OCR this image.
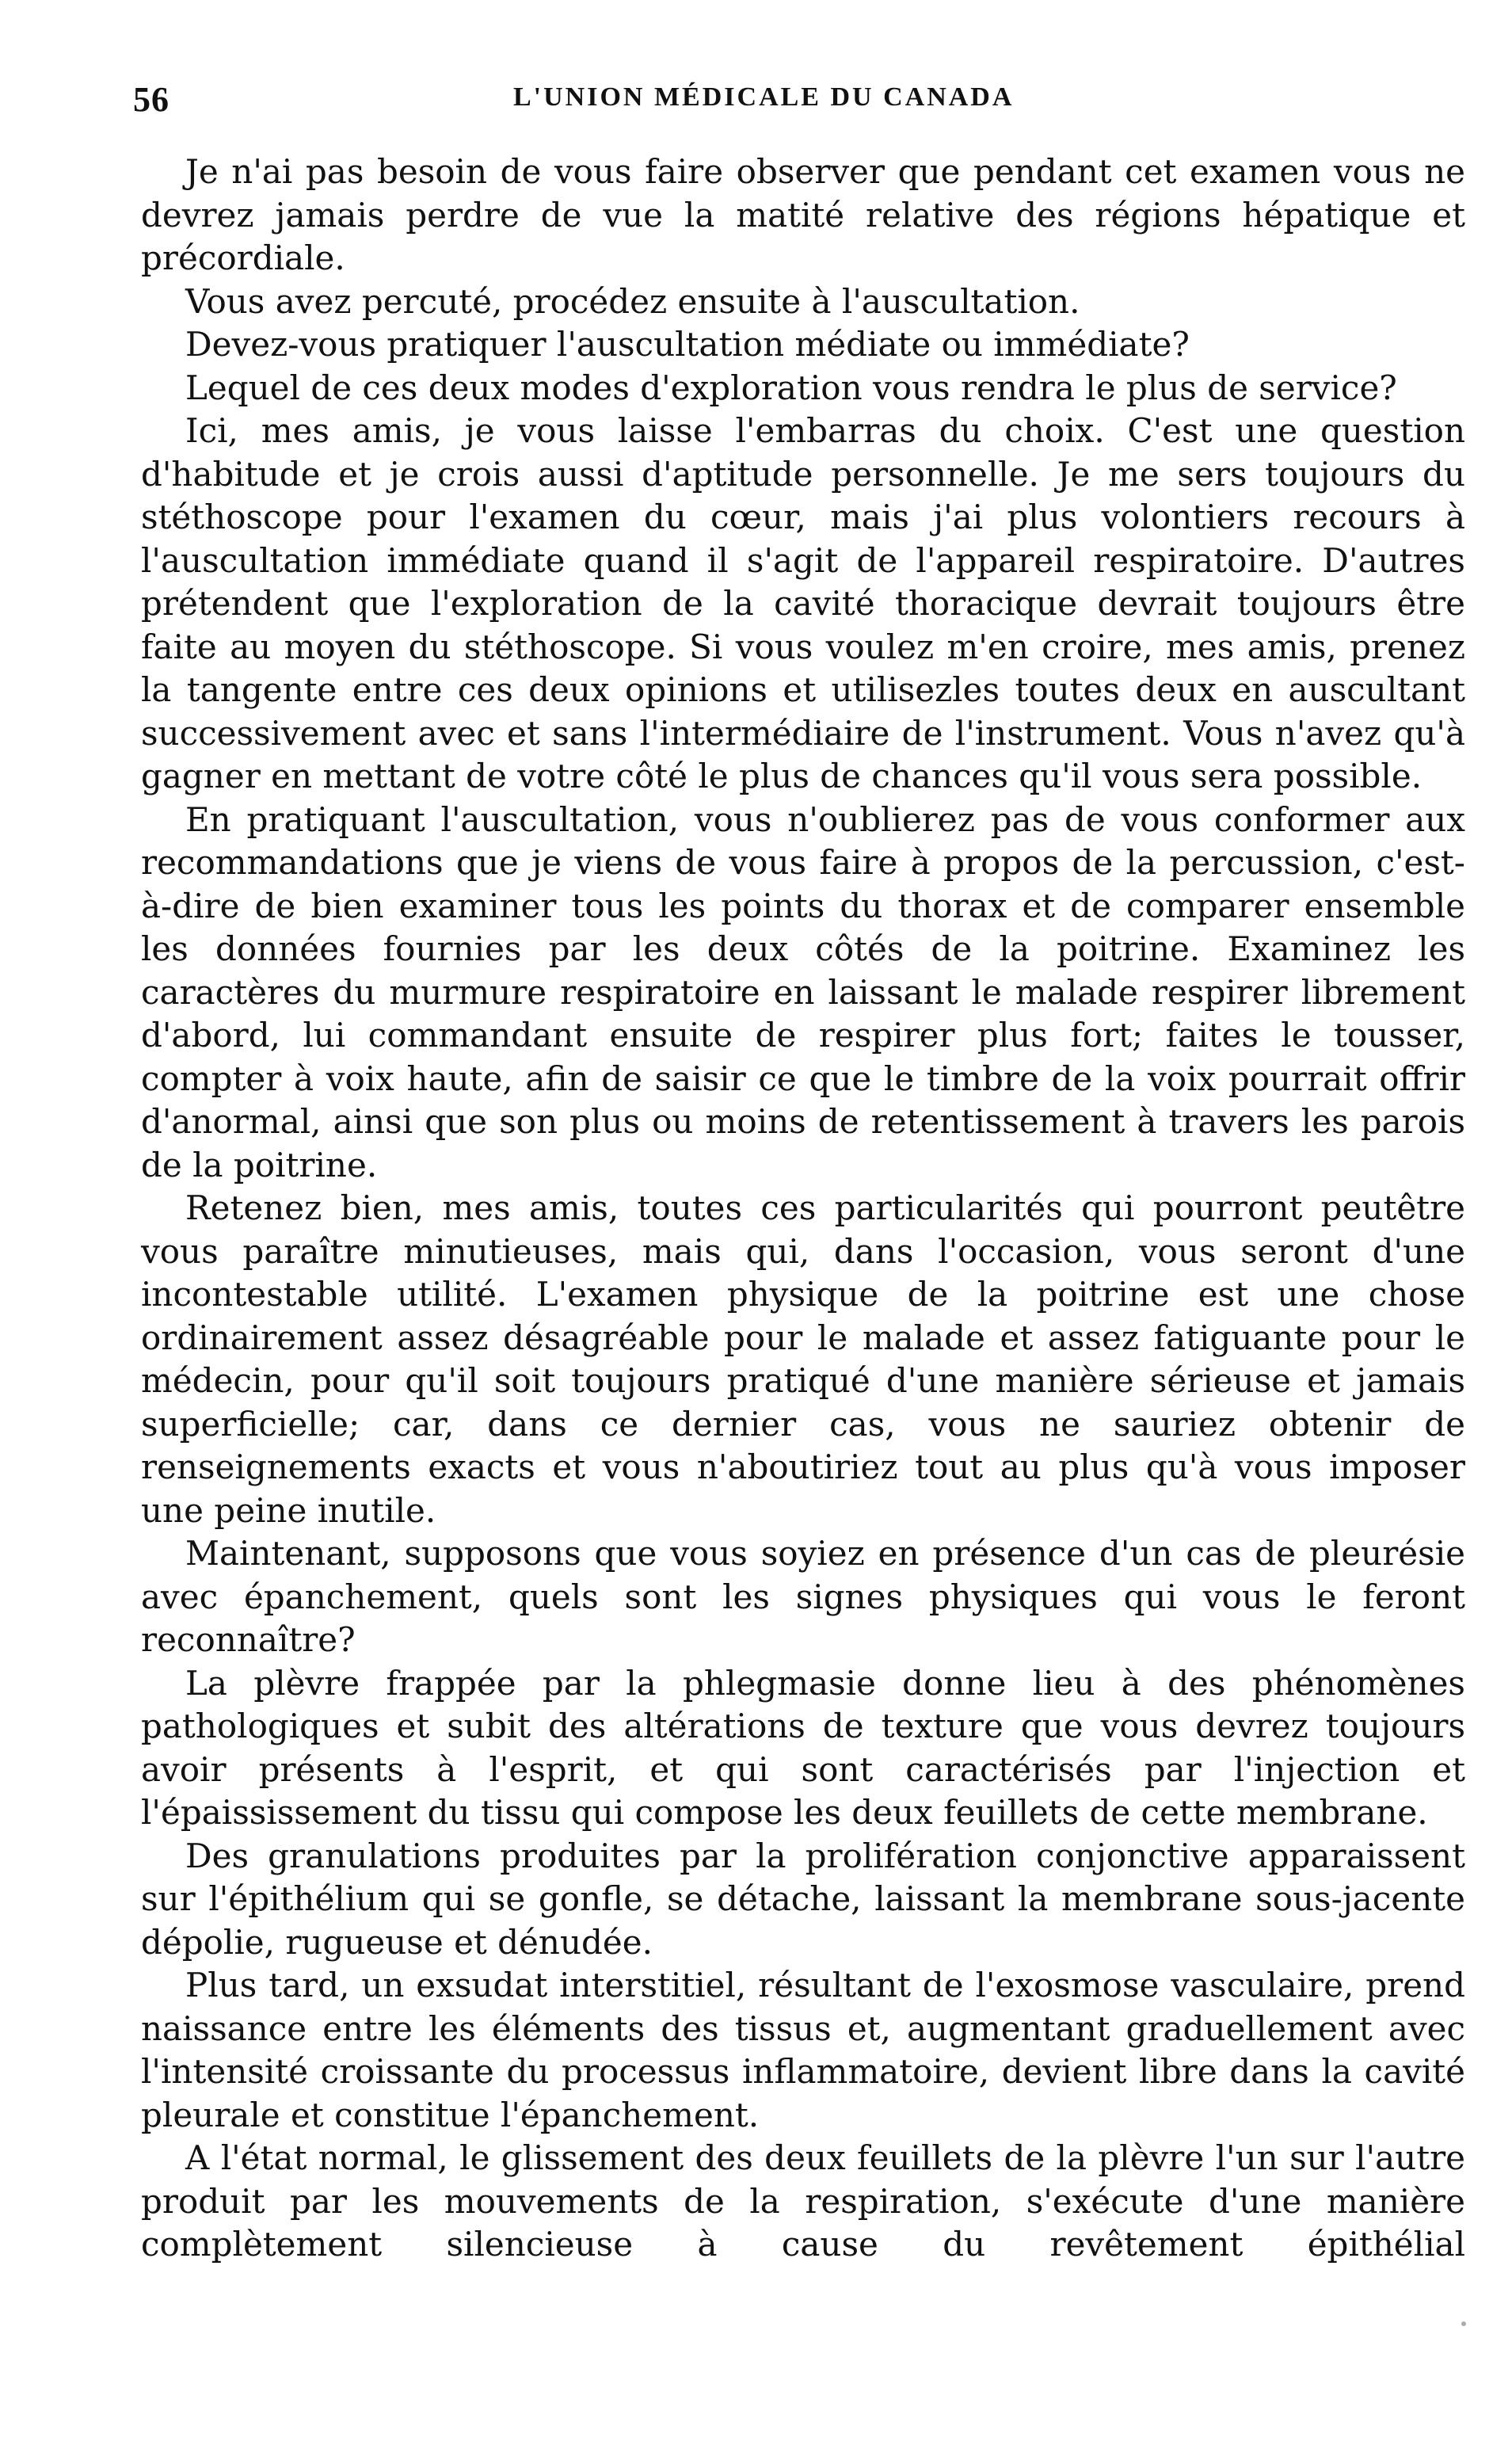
56	L'UNION MÉDICALE DU CANADA

Je n'ai pas besoin de vous faire observer que pendant cet examen vous ne devrez jamais perdre de vue la matité relative des régions hépatique et précordiale.

Vous avez percuté, procédez ensuite à l'auscultation.

Devez-vous pratiquer l'auscultation médiate ou immédiate?

Lequel de ces deux modes d'exploration vous rendra le plus de service?

Ici, mes amis, je vous laisse l'embarras du choix. C'est une question d'habitude et je crois aussi d'aptitude personnelle. Je me sers toujours du stéthoscope pour l'examen du cœur, mais j'ai plus volontiers recours à l'auscultation immédiate quand il s'agit de l'appareil respiratoire. D'autres prétendent que l'exploration de la cavité thoracique devrait toujours être faite au moyen du stéthoscope. Si vous voulez m'en croire, mes amis, prenez la tangente entre ces deux opinions et utilisezles toutes deux en auscultant successivement avec et sans l'intermédiaire de l'instrument. Vous n'avez qu'à gagner en mettant de votre côté le plus de chances qu'il vous sera possible.

En pratiquant l'auscultation, vous n'oublierez pas de vous conformer aux recommandations que je viens de vous faire à propos de la percussion, c'est-à-dire de bien examiner tous les points du thorax et de comparer ensemble les données fournies par les deux côtés de la poitrine. Examinez les caractères du murmure respiratoire en laissant le malade respirer librement d'abord, lui commandant ensuite de respirer plus fort; faites le tousser, compter à voix haute, afin de saisir ce que le timbre de la voix pourrait offrir d'anormal, ainsi que son plus ou moins de retentissement à travers les parois de la poitrine.

Retenez bien, mes amis, toutes ces particularités qui pourront peutêtre vous paraître minutieuses, mais qui, dans l'occasion, vous seront d'une incontestable utilité. L'examen physique de la poitrine est une chose ordinairement assez désagréable pour le malade et assez fatiguante pour le médecin, pour qu'il soit toujours pratiqué d'une manière sérieuse et jamais superficielle; car, dans ce dernier cas, vous ne sauriez obtenir de renseignements exacts et vous n'aboutiriez tout au plus qu'à vous imposer une peine inutile.

Maintenant, supposons que vous soyiez en présence d'un cas de pleurésie avec épanchement, quels sont les signes physiques qui vous le feront reconnaître?

La plèvre frappée par la phlegmasie donne lieu à des phénomènes pathologiques et subit des altérations de texture que vous devrez toujours avoir présents à l'esprit, et qui sont caractérisés par l'injection et l'épaississement du tissu qui compose les deux feuillets de cette membrane.

Des granulations produites par la prolifération conjonctive apparaissent sur l'épithélium qui se gonfle, se détache, laissant la membrane sous-jacente dépolie, rugueuse et dénudée.

Plus tard, un exsudat interstitiel, résultant de l'exosmose vasculaire, prend naissance entre les éléments des tissus et, augmentant graduellement avec l'intensité croissante du processus inflammatoire, devient libre dans la cavité pleurale et constitue l'épanchement.

A l'état normal, le glissement des deux feuillets de la plèvre l'un sur l'autre produit par les mouvements de la respiration, s'exécute d'une manière complètement silencieuse à cause du revêtement épithélial
